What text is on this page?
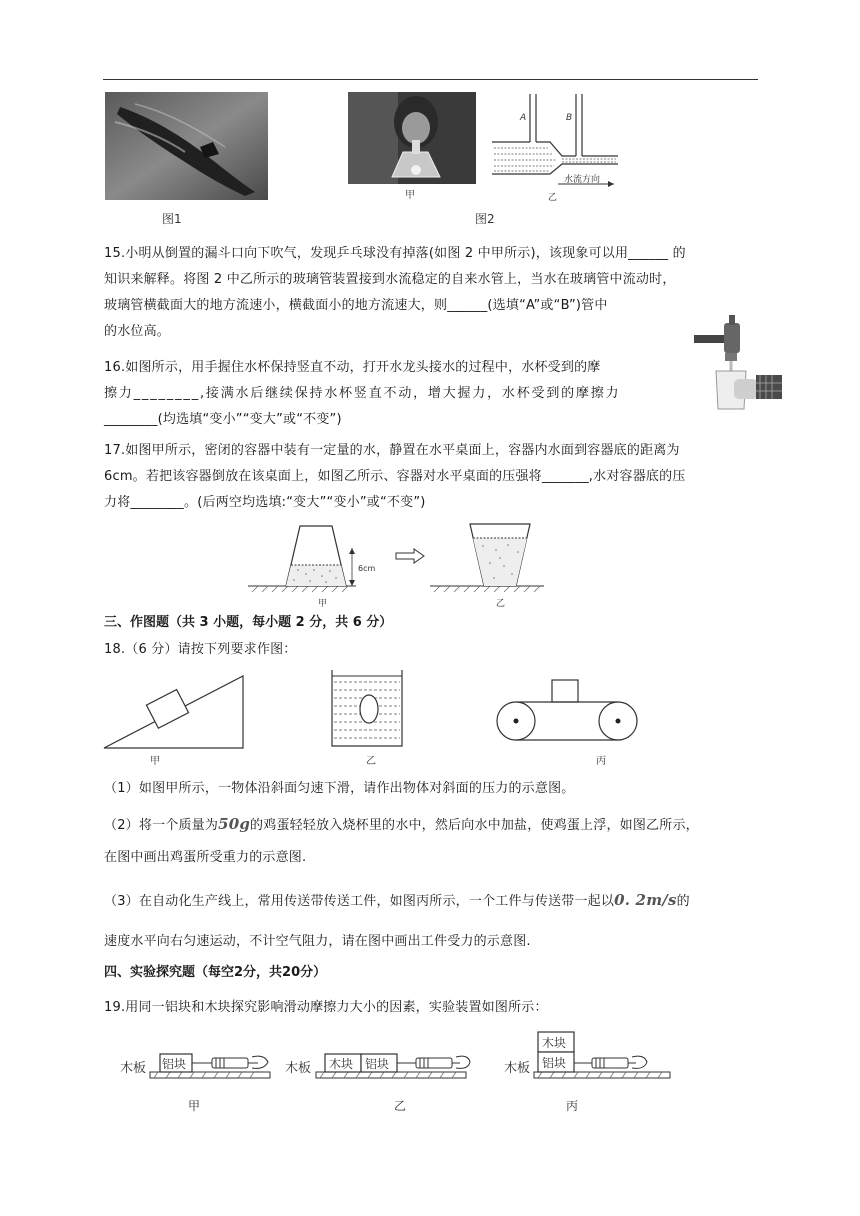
图1
甲
A	B
水流方向
乙
图2
15.小明从倒置的漏斗口向下吹气，发现乒乓球没有掉落(如图 2 中甲所示)，该现象可以用______ 的
知识来解释。将图 2 中乙所示的玻璃管装置接到水流稳定的自来水管上，当水在玻璃管中流动时，
玻璃管横截面大的地方流速小，横截面小的地方流速大，则______(选填“A”或“B”)管中
的水位高。
16.如图所示，用手握住水杯保持竖直不动，打开水龙头接水的过程中，水杯受到的摩
擦力________,接满水后继续保持水杯竖直不动，增大握力，水杯受到的摩擦力
________(均选填“变小”“变大”或“不变”)
17.如图甲所示，密闭的容器中装有一定量的水，静置在水平桌面上，容器内水面到容器底的距离为
6cm。若把该容器倒放在该桌面上，如图乙所示、容器对水平桌面的压强将_______,水对容器底的压
力将________。(后两空均选填:“变大”“变小”或“不变”)
6cm
甲	乙
三、作图题（共 3 小题，每小题 2 分，共 6 分）
18.（6 分）请按下列要求作图：
甲	乙	丙
（1）如图甲所示，一物体沿斜面匀速下滑，请作出物体对斜面的压力的示意图。
（2）将一个质量为50g的鸡蛋轻轻放入烧杯里的水中，然后向水中加盐，使鸡蛋上浮，如图乙所示，
在图中画出鸡蛋所受重力的示意图.
（3）在自动化生产线上，常用传送带传送工件，如图丙所示，一个工件与传送带一起以0. 2m/s的
速度水平向右匀速运动，不计空气阻力，请在图中画出工件受力的示意图.
四、实验探究题（每空2分，共20分）
19.用同一铝块和木块探究影响滑动摩擦力大小的因素，实验装置如图所示：
木板 铝块
甲
木板 木块 铝块
乙
木板
木块
铝块
丙
